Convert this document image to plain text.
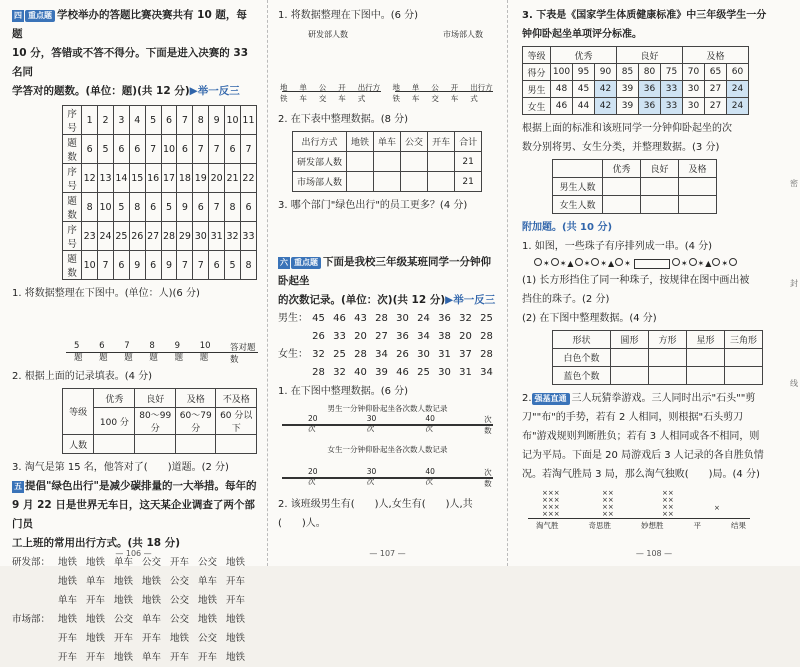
四 重点题 学校举办的答题比赛决赛共有 10 题，每题
10 分，答错或不答不得分。下面是进入决赛的 33 名同
学答对的题数。(单位：题)(共 12 分)▶举一反三
序号	1	2	3	4	5	6	7	8	9	10	11
题数	6	5	6	6	7	10	6	7	7	6	7
序号	12	13	14	15	16	17	18	19	20	21	22
题数	8	10	5	8	6	5	9	6	7	8	6
序号	23	24	25	26	27	28	29	30	31	32	33
题数	10	7	6	9	6	9	7	7	6	5	8
1. 将数据整理在下图中。(单位：人)(6 分)
5题
6题
7题
8题
9题
10题
答对题数
2. 根据上面的记录填表。(4 分)
等级	优秀	良好	及格	不及格
	100 分	80～99 分	60～79 分	60 分以下
人数				
3. 淘气是第 15 名，他答对了(　　)道题。(2 分)
五 提倡"绿色出行"是减少碳排量的一大举措。每年的
9 月 22 日是世界无车日，这天某企业调查了两个部门员
工上班的常用出行方式。(共 18 分)
研发部： 地铁 地铁 单车 公交 开车 公交 地铁
地铁 单车 地铁 地铁 公交 单车 开车
单车 开车 地铁 地铁 公交 地铁 开车
市场部： 地铁 地铁 公交 单车 公交 地铁 地铁
开车 地铁 开车 开车 地铁 公交 地铁
开车 开车 地铁 单车 开车 开车 地铁
— 106 —
1. 将数据整理在下图中。(6 分)
研发部人数	市场部人数
地铁
单车
公交
开车
出行方式
地铁
单车
公交
开车
出行方式
2. 在下表中整理数据。(8 分)
出行方式	地铁	单车	公交	开车	合计
研发部人数					21
市场部人数					21
3. 哪个部门"绿色出行"的员工更多？(4 分)
六 重点题 下面是我校三年级某班同学一分钟仰卧起坐
的次数记录。(单位：次)(共 12 分)▶举一反三
男生： 45 46 43 28 30 24 36 32 25
26 33 20 27 36 34 38 20 28
女生： 32 25 28 34 26 30 31 37 28
28 32 40 39 46 25 30 31 34
1. 在下图中整理数据。(6 分)
男生一分钟仰卧起坐各次数人数记录
20次
30次
40次
次数
女生一分钟仰卧起坐各次数人数记录
20次
30次
40次
次数
2. 该班级男生有(　　)人,女生有(　　)人,共(　　)人。
— 107 —
3. 下表是《国家学生体质健康标准》中三年级学生一分
钟仰卧起坐单项评分标准。
等级	优秀			良好			及格		
得分	100	95	90	85	80	75	70	65	60
男生	48	45	42	39	36	33	30	27	24
女生	46	44	42	39	36	33	30	27	24
根据上面的标准和该班同学一分钟仰卧起坐的次
数分别将男、女生分类，并整理数据。(3 分)
	优秀	良好	及格
男生人数			
女生人数			
附加题。(共 10 分)
1. 如图，一些珠子有序排列成一串。(4 分)
✶ ✶▲ ✶ ✶▲ ✶	✶ ✶▲ ✶
(1) 长方形挡住了同一种珠子，按规律在图中画出被
挡住的珠子。(2 分)
(2) 在下图中整理数据。(4 分)
形状	圆形	方形	星形	三角形
白色个数				
蓝色个数				
2. 强基直通 三人玩猜拳游戏。三人同时出示"石头""剪
刀""布"的手势，若有 2 人相同，则根据"石头剪刀
布"游戏规则判断胜负；若有 3 人相同或各不相同，则
记为平局。下面是 20 局游戏后 3 人记录的各自胜负情
况。若淘气胜局 3 局，那么淘气独败(　　)局。(4 分)
×××
×××
×××
×××
××
××
××
××
××
××
××
××
×
淘气胜	奇思胜	妙想胜	平	结果
密
封
线
— 108 —
